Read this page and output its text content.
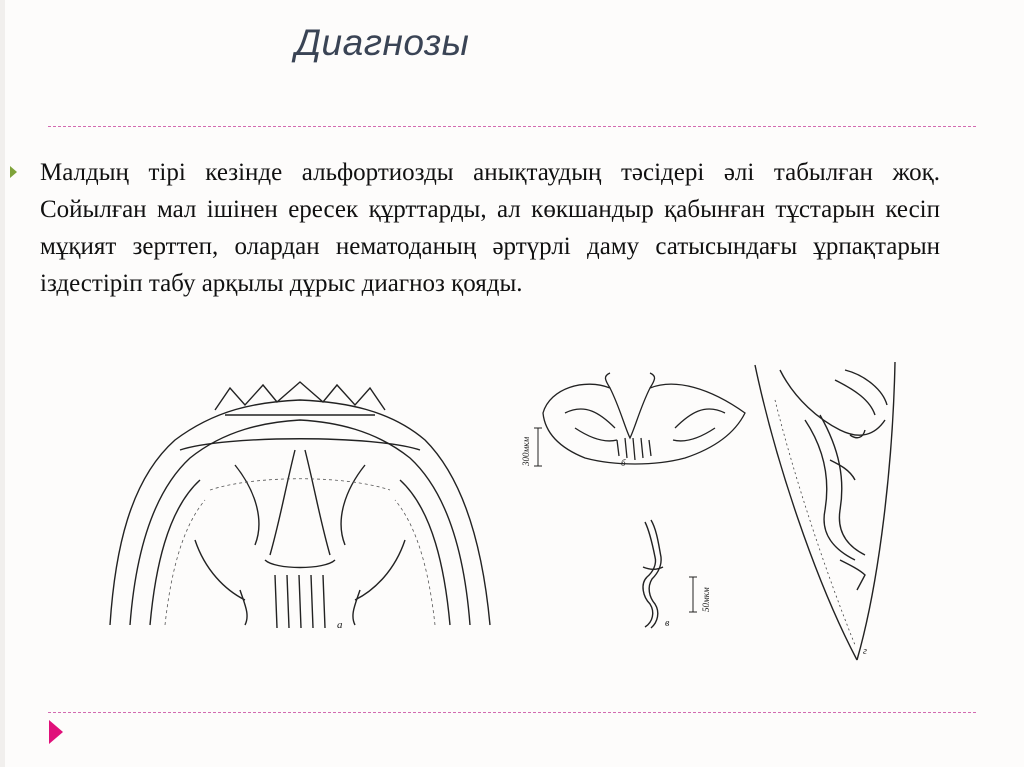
Диагнозы

Малдың тірі кезінде альфортиозды анықтаудың тәсідері әлі табылған жоқ. Сойылған мал ішінен ересек құрттарды, ал көкшандыр қабынған тұстарын кесіп мұқият зерттеп, олардан нематоданың әртүрлі даму сатысындағы ұрпақтарын іздестіріп табу арқылы дұрыс диагноз қояды.

а
300мкм	б
50мкм
в
г
